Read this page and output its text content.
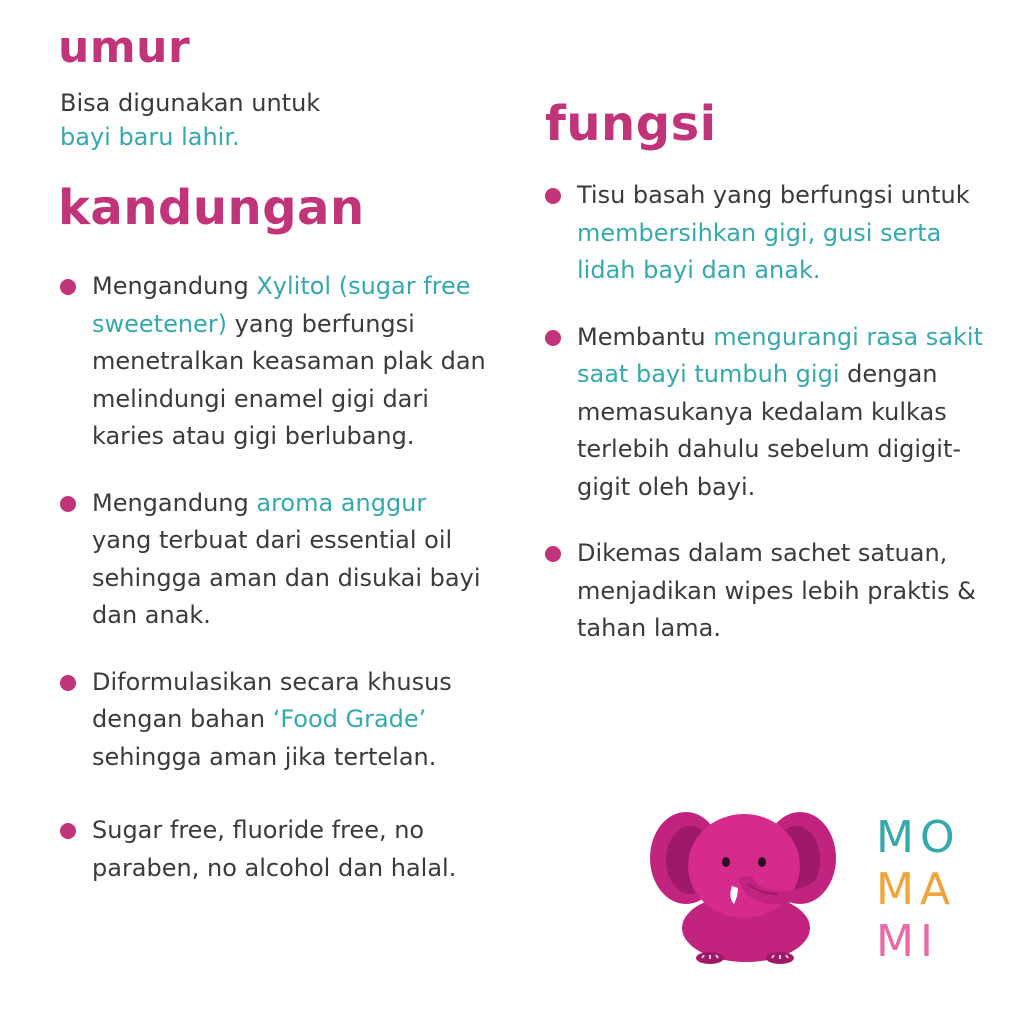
umur
Bisa digunakan untuk
bayi baru lahir.
kandungan
Mengandung Xylitol (sugar free sweetener) yang berfungsi menetralkan keasaman plak dan melindungi enamel gigi dari karies atau gigi berlubang.
Mengandung aroma anggur yang terbuat dari essential oil sehingga aman dan disukai bayi dan anak.
Diformulasikan secara khusus dengan bahan ‘Food Grade’ sehingga aman jika tertelan.
Sugar free, fluoride free, no paraben, no alcohol dan halal.
fungsi
Tisu basah yang berfungsi untuk membersihkan gigi, gusi serta lidah bayi dan anak.
Membantu mengurangi rasa sakit saat bayi tumbuh gigi dengan memasukanya kedalam kulkas terlebih dahulu sebelum digigit-gigit oleh bayi.
Dikemas dalam sachet satuan, menjadikan wipes lebih praktis & tahan lama.
MO
MA
MI
